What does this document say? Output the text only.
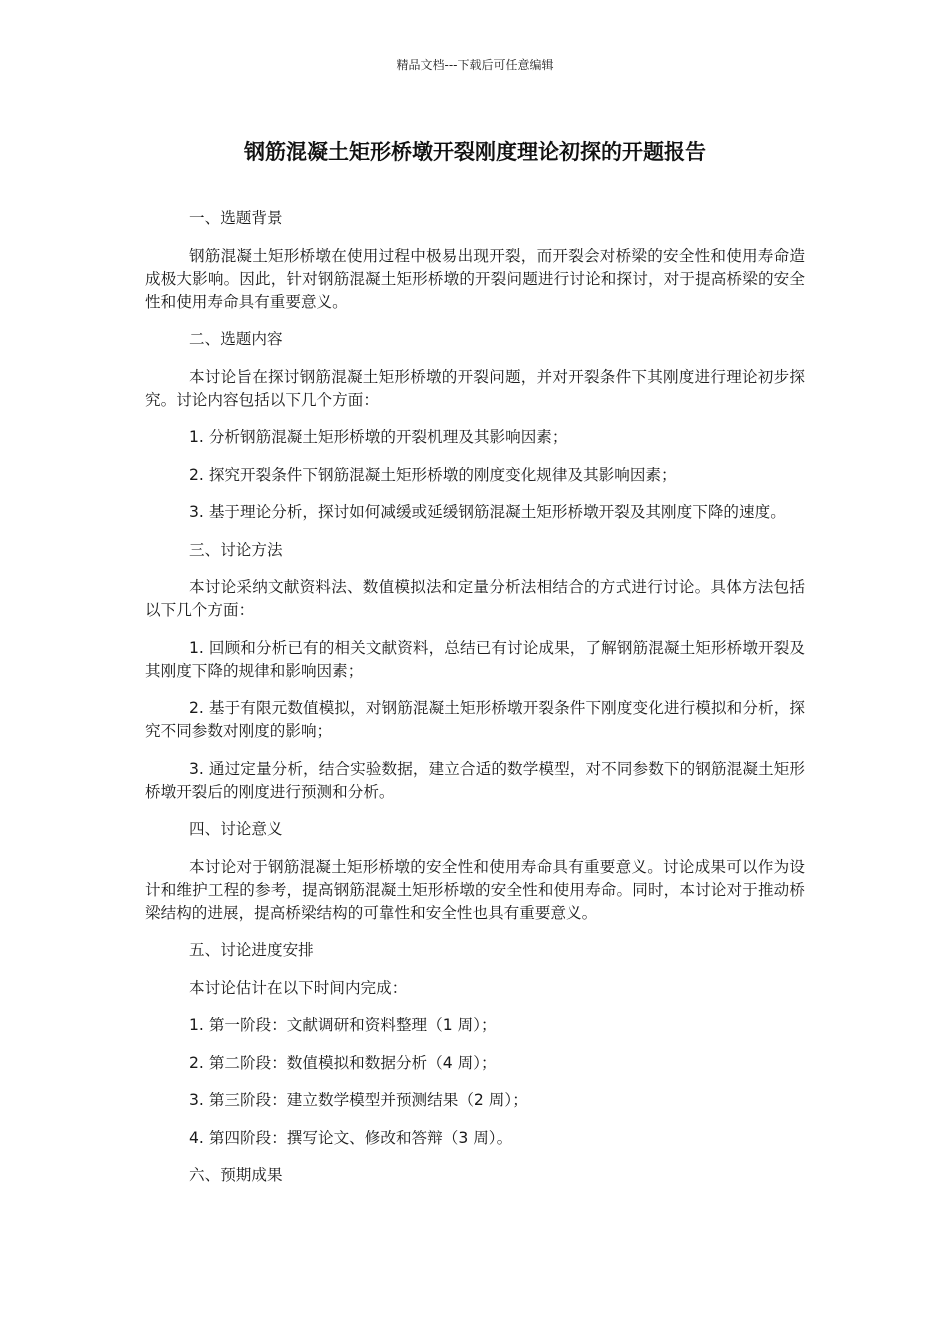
精品文档---下载后可任意编辑
钢筋混凝土矩形桥墩开裂刚度理论初探的开题报告

一、选题背景

钢筋混凝土矩形桥墩在使用过程中极易出现开裂，而开裂会对桥梁的安全性和使用寿命造成极大影响。因此，针对钢筋混凝土矩形桥墩的开裂问题进行讨论和探讨，对于提高桥梁的安全性和使用寿命具有重要意义。

二、选题内容

本讨论旨在探讨钢筋混凝土矩形桥墩的开裂问题，并对开裂条件下其刚度进行理论初步探究。讨论内容包括以下几个方面：

1. 分析钢筋混凝土矩形桥墩的开裂机理及其影响因素；

2. 探究开裂条件下钢筋混凝土矩形桥墩的刚度变化规律及其影响因素；

3. 基于理论分析，探讨如何减缓或延缓钢筋混凝土矩形桥墩开裂及其刚度下降的速度。

三、讨论方法

本讨论采纳文献资料法、数值模拟法和定量分析法相结合的方式进行讨论。具体方法包括以下几个方面：

1. 回顾和分析已有的相关文献资料，总结已有讨论成果，了解钢筋混凝土矩形桥墩开裂及其刚度下降的规律和影响因素；

2. 基于有限元数值模拟，对钢筋混凝土矩形桥墩开裂条件下刚度变化进行模拟和分析，探究不同参数对刚度的影响；

3. 通过定量分析，结合实验数据，建立合适的数学模型，对不同参数下的钢筋混凝土矩形桥墩开裂后的刚度进行预测和分析。

四、讨论意义

本讨论对于钢筋混凝土矩形桥墩的安全性和使用寿命具有重要意义。讨论成果可以作为设计和维护工程的参考，提高钢筋混凝土矩形桥墩的安全性和使用寿命。同时，本讨论对于推动桥梁结构的进展，提高桥梁结构的可靠性和安全性也具有重要意义。

五、讨论进度安排

本讨论估计在以下时间内完成：

1. 第一阶段：文献调研和资料整理（1 周）；

2. 第二阶段：数值模拟和数据分析（4 周）；

3. 第三阶段：建立数学模型并预测结果（2 周）；

4. 第四阶段：撰写论文、修改和答辩（3 周）。

六、预期成果
